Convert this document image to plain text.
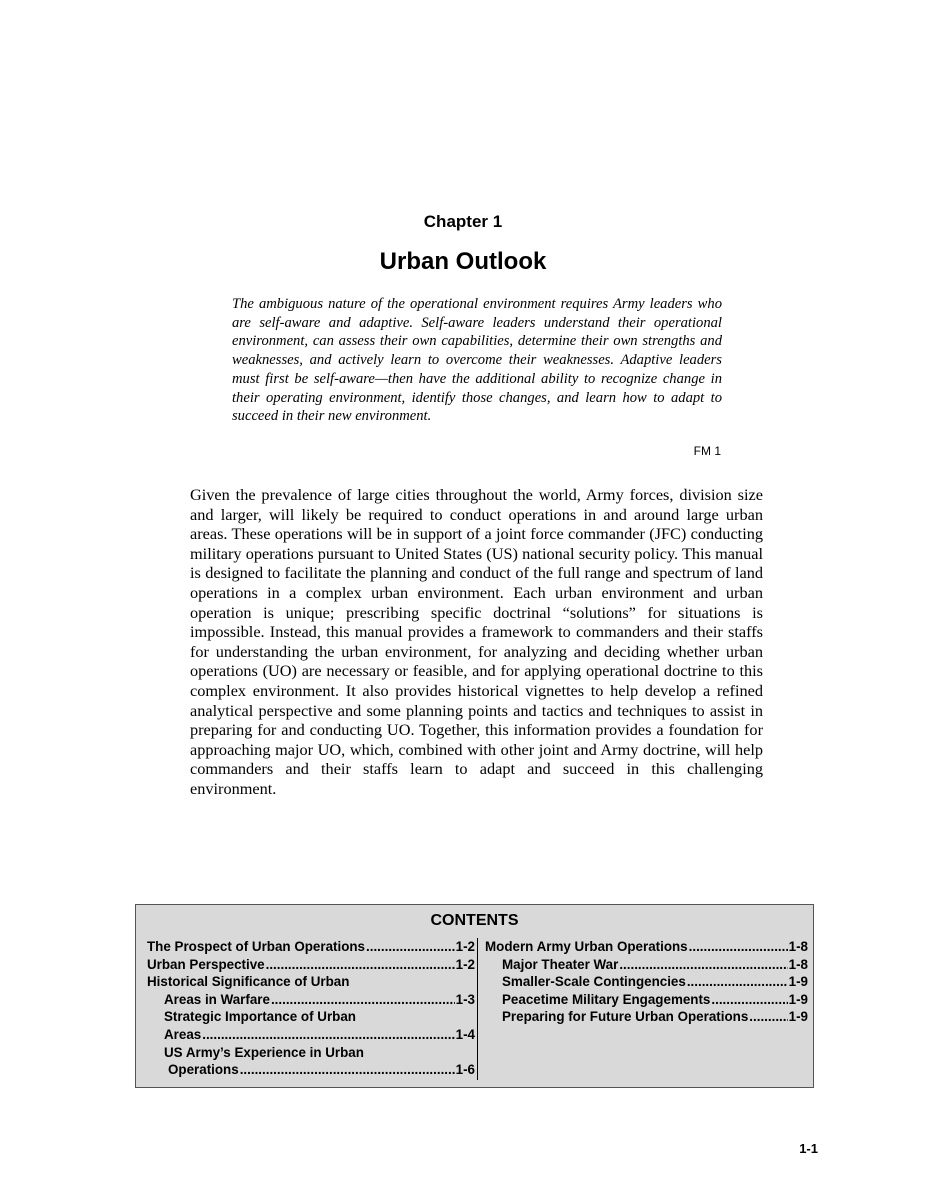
Chapter 1
Urban Outlook
The ambiguous nature of the operational environment requires Army leaders who are self-aware and adaptive. Self-aware leaders understand their operational environment, can assess their own capabilities, determine their own strengths and weaknesses, and actively learn to overcome their weaknesses. Adaptive leaders must first be self-aware—then have the additional ability to recognize change in their operating environment, identify those changes, and learn how to adapt to succeed in their new environment.
FM 1
Given the prevalence of large cities throughout the world, Army forces, division size and larger, will likely be required to conduct operations in and around large urban areas. These operations will be in support of a joint force commander (JFC) conducting military operations pursuant to United States (US) national security policy. This manual is designed to facilitate the planning and conduct of the full range and spectrum of land operations in a complex urban environment. Each urban environment and urban operation is unique; prescribing specific doctrinal “solutions” for situations is impossible. Instead, this manual provides a framework to commanders and their staffs for understanding the urban environment, for analyzing and deciding whether urban operations (UO) are necessary or feasible, and for applying operational doctrine to this complex environment. It also provides historical vignettes to help develop a refined analytical perspective and some planning points and tactics and techniques to assist in preparing for and conducting UO. Together, this information provides a foundation for approaching major UO, which, combined with other joint and Army doctrine, will help commanders and their staffs learn to adapt and succeed in this challenging environment.
CONTENTS
The Prospect of Urban Operations .....	1-2
Urban Perspective .....	1-2
Historical Significance of Urban
Areas in Warfare .....	1-3
Strategic Importance of Urban
Areas .....	1-4
US Army’s Experience in Urban
Operations .....	1-6
Modern Army Urban Operations .....	1-8
Major Theater War .....	1-8
Smaller-Scale Contingencies .....	1-9
Peacetime Military Engagements .....	1-9
Preparing for Future Urban Operations .....	1-9
1-1
